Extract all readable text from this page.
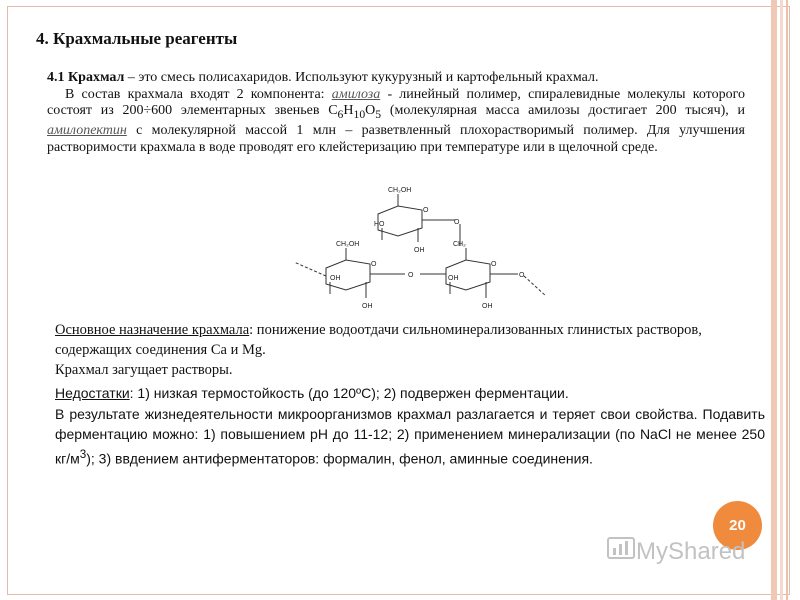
4. Крахмальные реагенты
4.1 Крахмал – это смесь полисахаридов. Используют кукурузный и картофельный крахмал.
В состав крахмала входят 2 компонента: амилоза - линейный полимер, спиралевидные молекулы которого состоят из 200÷600 элементарных звеньев $C_6H_{10}O_5$ (молекулярная масса амилозы достигает 200 тысяч), и амилопектин с молекулярной массой 1 млн – разветвленный плохорастворимый полимер. Для улучшения растворимости крахмала в воде проводят его клейстеризацию при температуре или в щелочной среде.
CH₂OH
O
O
HO
OH
CH₂
CH₂OH
O
O
OH
OH
O
O
OH
OH
Основное назначение крахмала: понижение водоотдачи сильноминерализованных глинистых растворов, содержащих соединения Са и Mg.
Крахмал загущает растворы.
Недостатки: 1) низкая термостойкость (до 120ºС); 2) подвержен ферментации.
В результате жизнедеятельности микроорганизмов крахмал разлагается и теряет свои свойства. Подавить ферментацию можно: 1) повышением рН до 11-12; 2) применением минерализации (по NaCl не менее 250 $кг/м^3$); 3) ввдением антиферментаторов: формалин, фенол, аминные соединения.
20
MyShared
